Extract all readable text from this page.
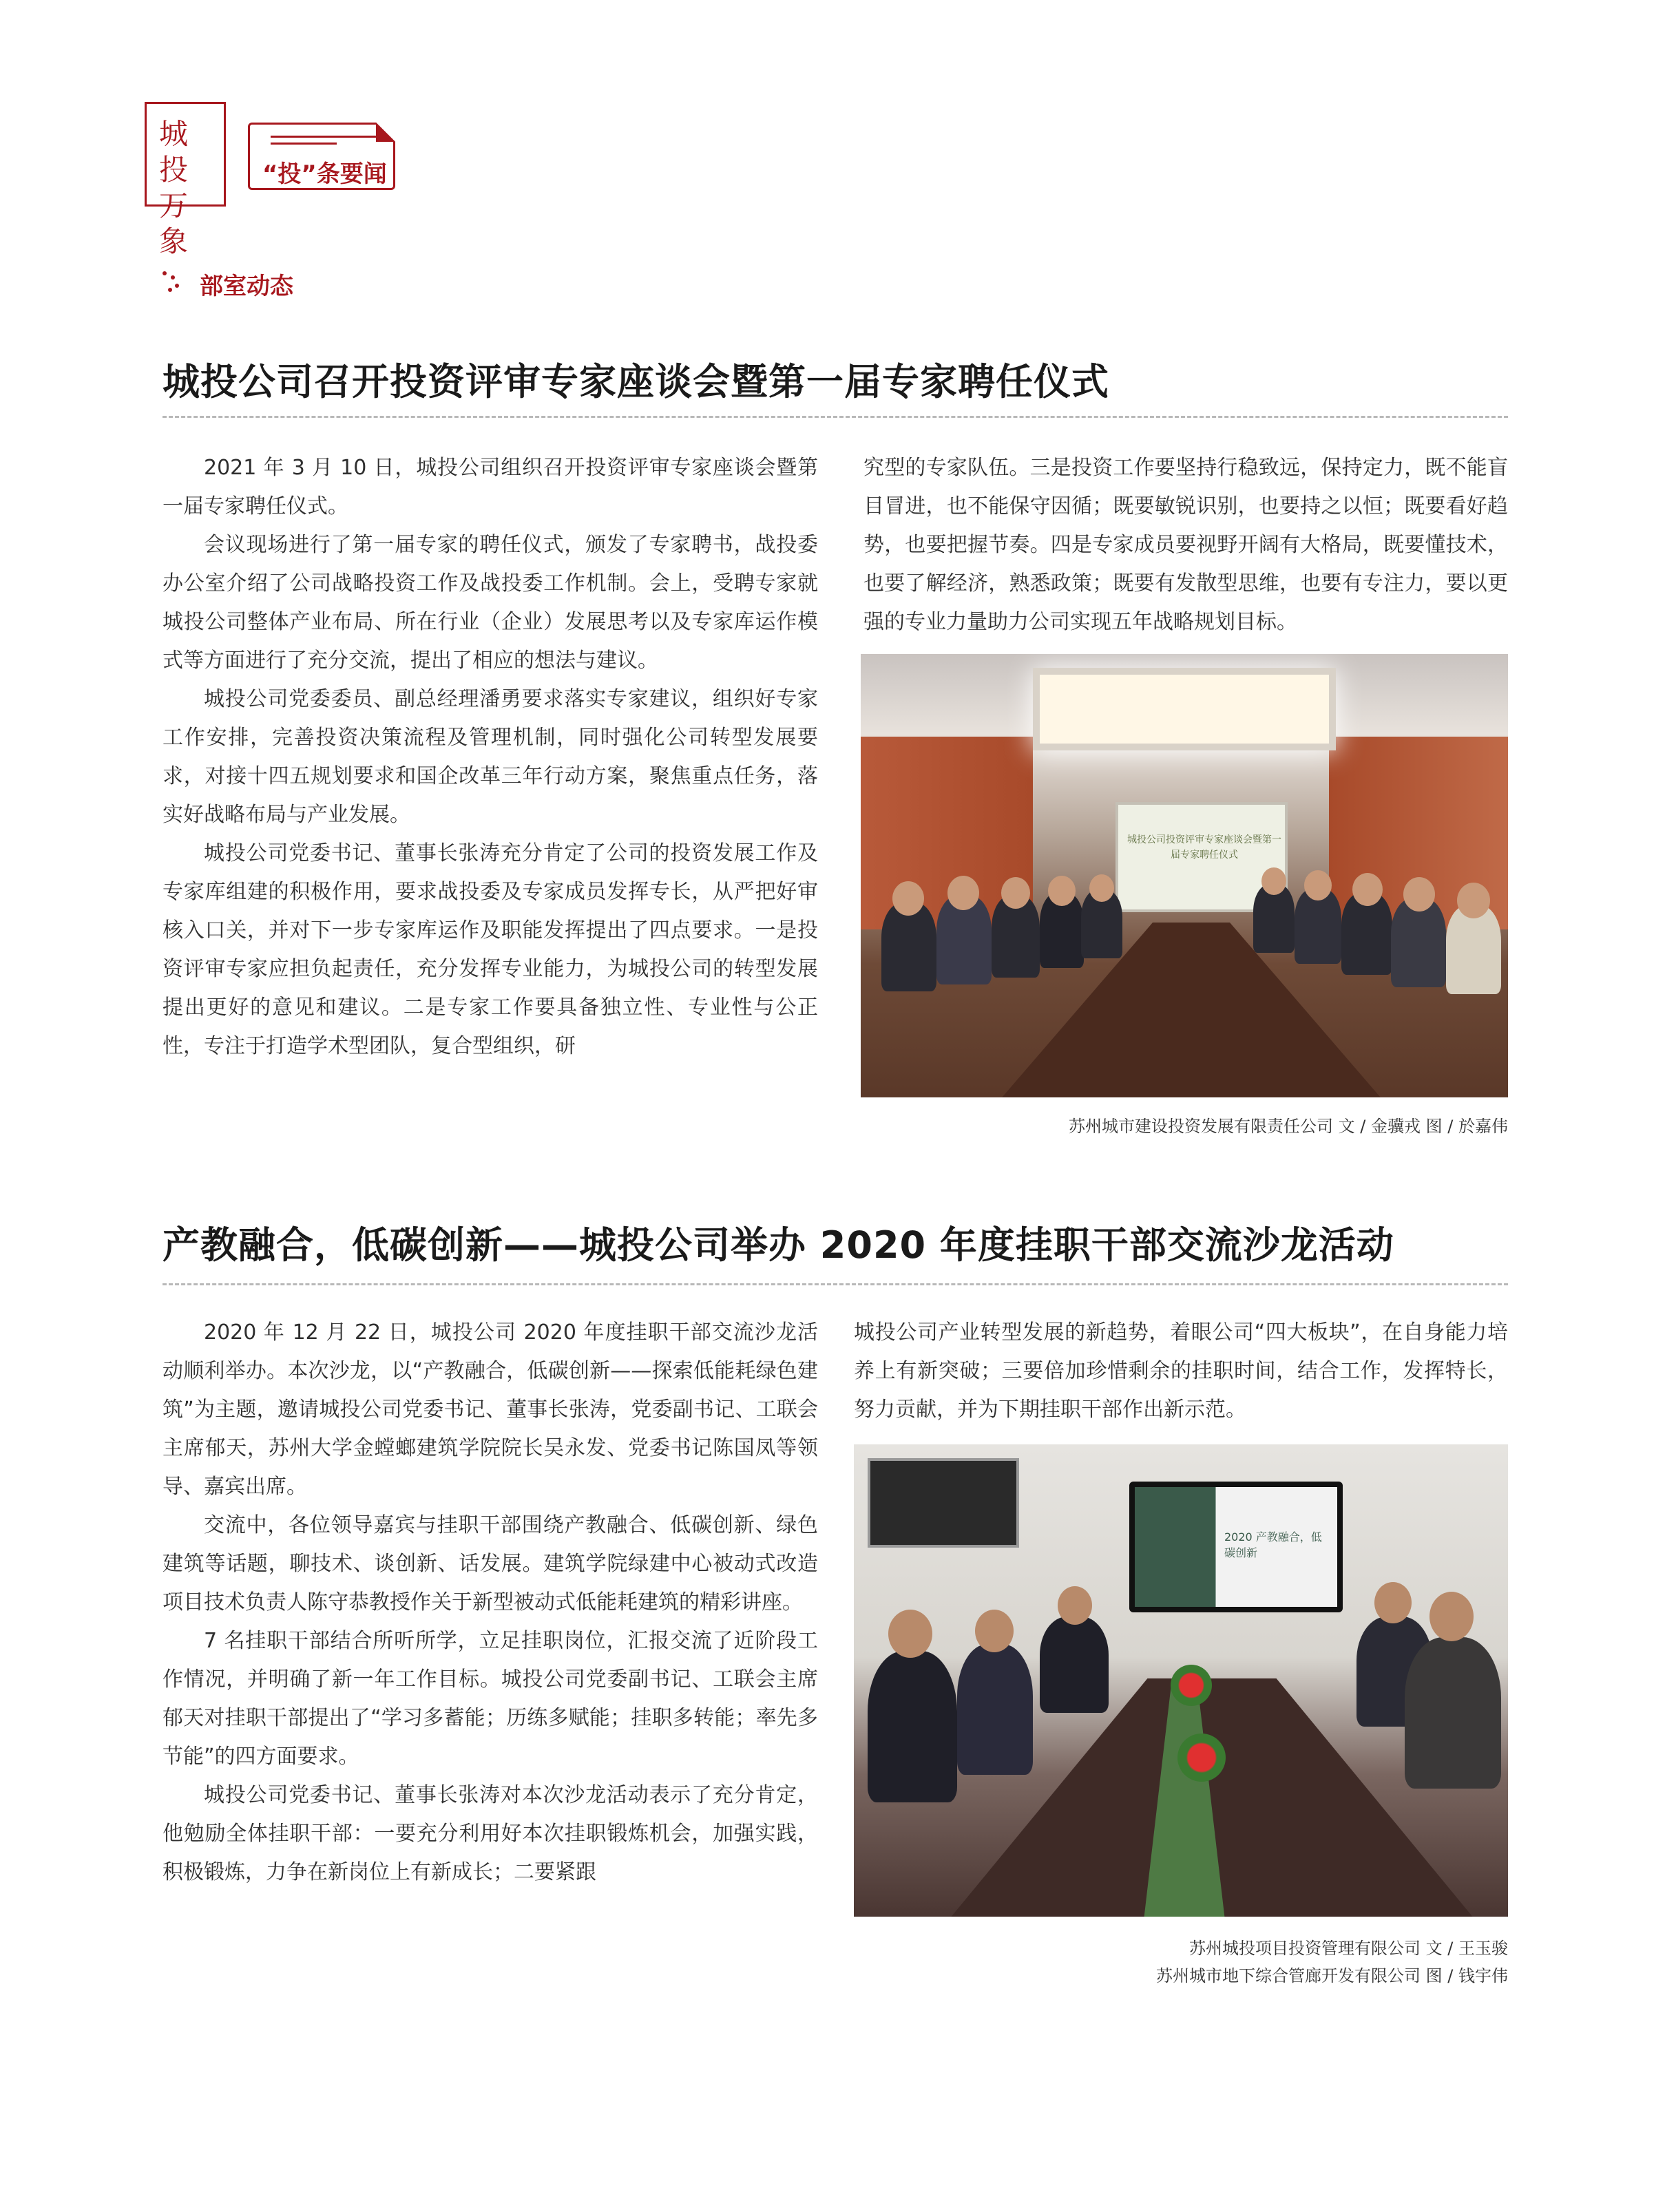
城投万象
“投”条要闻
部室动态
城投公司召开投资评审专家座谈会暨第一届专家聘任仪式

2021 年 3 月 10 日，城投公司组织召开投资评审专家座谈会暨第一届专家聘任仪式。

会议现场进行了第一届专家的聘任仪式，颁发了专家聘书，战投委办公室介绍了公司战略投资工作及战投委工作机制。会上，受聘专家就城投公司整体产业布局、所在行业（企业）发展思考以及专家库运作模式等方面进行了充分交流，提出了相应的想法与建议。

城投公司党委委员、副总经理潘勇要求落实专家建议，组织好专家工作安排，完善投资决策流程及管理机制，同时强化公司转型发展要求，对接十四五规划要求和国企改革三年行动方案，聚焦重点任务，落实好战略布局与产业发展。

城投公司党委书记、董事长张涛充分肯定了公司的投资发展工作及专家库组建的积极作用，要求战投委及专家成员发挥专长，从严把好审核入口关，并对下一步专家库运作及职能发挥提出了四点要求。一是投资评审专家应担负起责任，充分发挥专业能力，为城投公司的转型发展提出更好的意见和建议。二是专家工作要具备独立性、专业性与公正性，专注于打造学术型团队，复合型组织，研

究型的专家队伍。三是投资工作要坚持行稳致远，保持定力，既不能盲目冒进，也不能保守因循；既要敏锐识别，也要持之以恒；既要看好趋势，也要把握节奏。四是专家成员要视野开阔有大格局，既要懂技术，也要了解经济，熟悉政策；既要有发散型思维，也要有专注力，要以更强的专业力量助力公司实现五年战略规划目标。

城投公司投资评审专家座谈会暨第一届专家聘任仪式
苏州城市建设投资发展有限责任公司 文 / 金骥戎 图 / 於嘉伟
产教融合，低碳创新——城投公司举办 2020 年度挂职干部交流沙龙活动

2020 年 12 月 22 日，城投公司 2020 年度挂职干部交流沙龙活动顺利举办。本次沙龙，以“产教融合，低碳创新——探索低能耗绿色建筑”为主题，邀请城投公司党委书记、董事长张涛，党委副书记、工联会主席郁天，苏州大学金螳螂建筑学院院长吴永发、党委书记陈国凤等领导、嘉宾出席。

交流中，各位领导嘉宾与挂职干部围绕产教融合、低碳创新、绿色建筑等话题，聊技术、谈创新、话发展。建筑学院绿建中心被动式改造项目技术负责人陈守恭教授作关于新型被动式低能耗建筑的精彩讲座。

7 名挂职干部结合所听所学，立足挂职岗位，汇报交流了近阶段工作情况，并明确了新一年工作目标。城投公司党委副书记、工联会主席郁天对挂职干部提出了“学习多蓄能；历练多赋能；挂职多转能；率先多节能”的四方面要求。

城投公司党委书记、董事长张涛对本次沙龙活动表示了充分肯定，他勉励全体挂职干部：一要充分利用好本次挂职锻炼机会，加强实践，积极锻炼，力争在新岗位上有新成长；二要紧跟

城投公司产业转型发展的新趋势，着眼公司“四大板块”，在自身能力培养上有新突破；三要倍加珍惜剩余的挂职时间，结合工作，发挥特长，努力贡献，并为下期挂职干部作出新示范。

2020 产教融合，低碳创新
苏州城投项目投资管理有限公司 文 / 王玉骏
苏州城市地下综合管廊开发有限公司 图 / 钱宇伟
